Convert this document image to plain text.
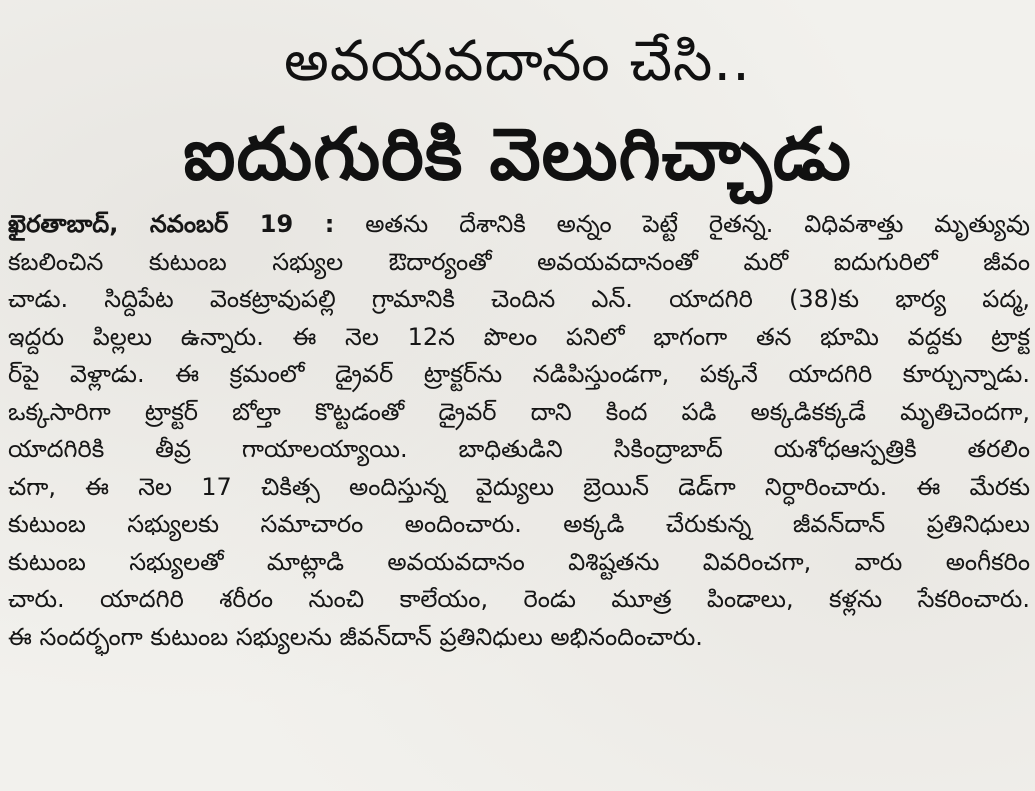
అవయవదానం చేసి..
ఐదుగురికి వెలుగిచ్చాడు
ఖైరతాబాద్, నవంబర్ 19 : అతను దేశానికి అన్నం పెట్టే రైతన్న. విధివశాత్తు మృత్యువు
కబలించిన కుటుంబ సభ్యుల ఔదార్యంతో అవయవదానంతో మరో ఐదుగురిలో జీవం
చాడు. సిద్దిపేట వెంకట్రావుపల్లి గ్రామానికి చెందిన ఎన్. యాదగిరి (38)కు భార్య పద్మ,
ఇద్దరు పిల్లలు ఉన్నారు. ఈ నెల 12న పొలం పనిలో భాగంగా తన భూమి వద్దకు ట్రాక్ట
ర్‌పై వెళ్లాడు. ఈ క్రమంలో డ్రైవర్ ట్రాక్టర్‌ను నడిపిస్తుండగా, పక్కనే యాదగిరి కూర్చున్నాడు.
ఒక్కసారిగా ట్రాక్టర్ బోల్తా కొట్టడంతో డ్రైవర్ దాని కింద పడి అక్కడికక్కడే మృతిచెందగా,
యాదగిరికి తీవ్ర గాయాలయ్యాయి. బాధితుడిని సికింద్రాబాద్ యశోధఆస్పత్రికి తరలిం
చగా, ఈ నెల 17 చికిత్స అందిస్తున్న వైద్యులు బ్రెయిన్ డెడ్‌గా నిర్ధారించారు. ఈ మేరకు
కుటుంబ సభ్యులకు సమాచారం అందించారు. అక్కడి చేరుకున్న జీవన్‌దాన్ ప్రతినిధులు
కుటుంబ సభ్యులతో మాట్లాడి అవయవదానం విశిష్టతను వివరించగా, వారు అంగీకరిం
చారు. యాదగిరి శరీరం నుంచి కాలేయం, రెండు మూత్ర పిండాలు, కళ్లను సేకరించారు.
ఈ సందర్భంగా కుటుంబ సభ్యులను జీవన్‌దాన్ ప్రతినిధులు అభినందించారు.
